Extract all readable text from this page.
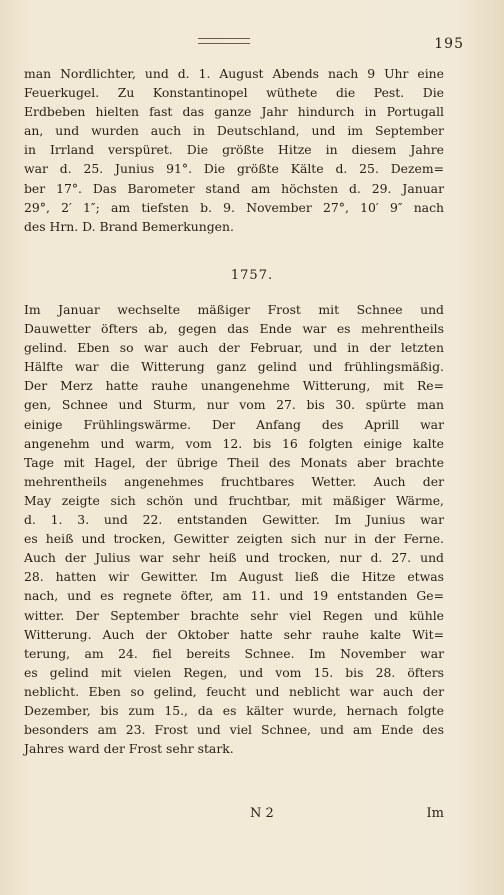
195
man Nordlichter, und d. 1. August Abends nach 9 Uhr eine
Feuerkugel. Zu Konstantinopel wüthete die Pest. Die
Erdbeben hielten fast das ganze Jahr hindurch in Portugall
an, und wurden auch in Deutschland, und im September
in Irrland verspüret. Die größte Hitze in diesem Jahre
war d. 25. Junius 91°. Die größte Kälte d. 25. Dezem=
ber 17°. Das Barometer stand am höchsten d. 29. Januar
29°, 2′ 1″; am tiefsten b. 9. November 27°, 10′ 9″ nach
des Hrn. D. Brand Bemerkungen.
1757.
Im Januar wechselte mäßiger Frost mit Schnee und
Dauwetter öfters ab, gegen das Ende war es mehrentheils
gelind. Eben so war auch der Februar, und in der letzten
Hälfte war die Witterung ganz gelind und frühlingsmäßig.
Der Merz hatte rauhe unangenehme Witterung, mit Re=
gen, Schnee und Sturm, nur vom 27. bis 30. spürte man
einige Frühlingswärme. Der Anfang des Aprill war
angenehm und warm, vom 12. bis 16 folgten einige kalte
Tage mit Hagel, der übrige Theil des Monats aber brachte
mehrentheils angenehmes fruchtbares Wetter. Auch der
May zeigte sich schön und fruchtbar, mit mäßiger Wärme,
d. 1. 3. und 22. entstanden Gewitter. Im Junius war
es heiß und trocken, Gewitter zeigten sich nur in der Ferne.
Auch der Julius war sehr heiß und trocken, nur d. 27. und
28. hatten wir Gewitter. Im August ließ die Hitze etwas
nach, und es regnete öfter, am 11. und 19 entstanden Ge=
witter. Der September brachte sehr viel Regen und kühle
Witterung. Auch der Oktober hatte sehr rauhe kalte Wit=
terung, am 24. fiel bereits Schnee. Im November war
es gelind mit vielen Regen, und vom 15. bis 28. öfters
neblicht. Eben so gelind, feucht und neblicht war auch der
Dezember, bis zum 15., da es kälter wurde, hernach folgte
besonders am 23. Frost und viel Schnee, und am Ende des
Jahres ward der Frost sehr stark.
N 2	Im
